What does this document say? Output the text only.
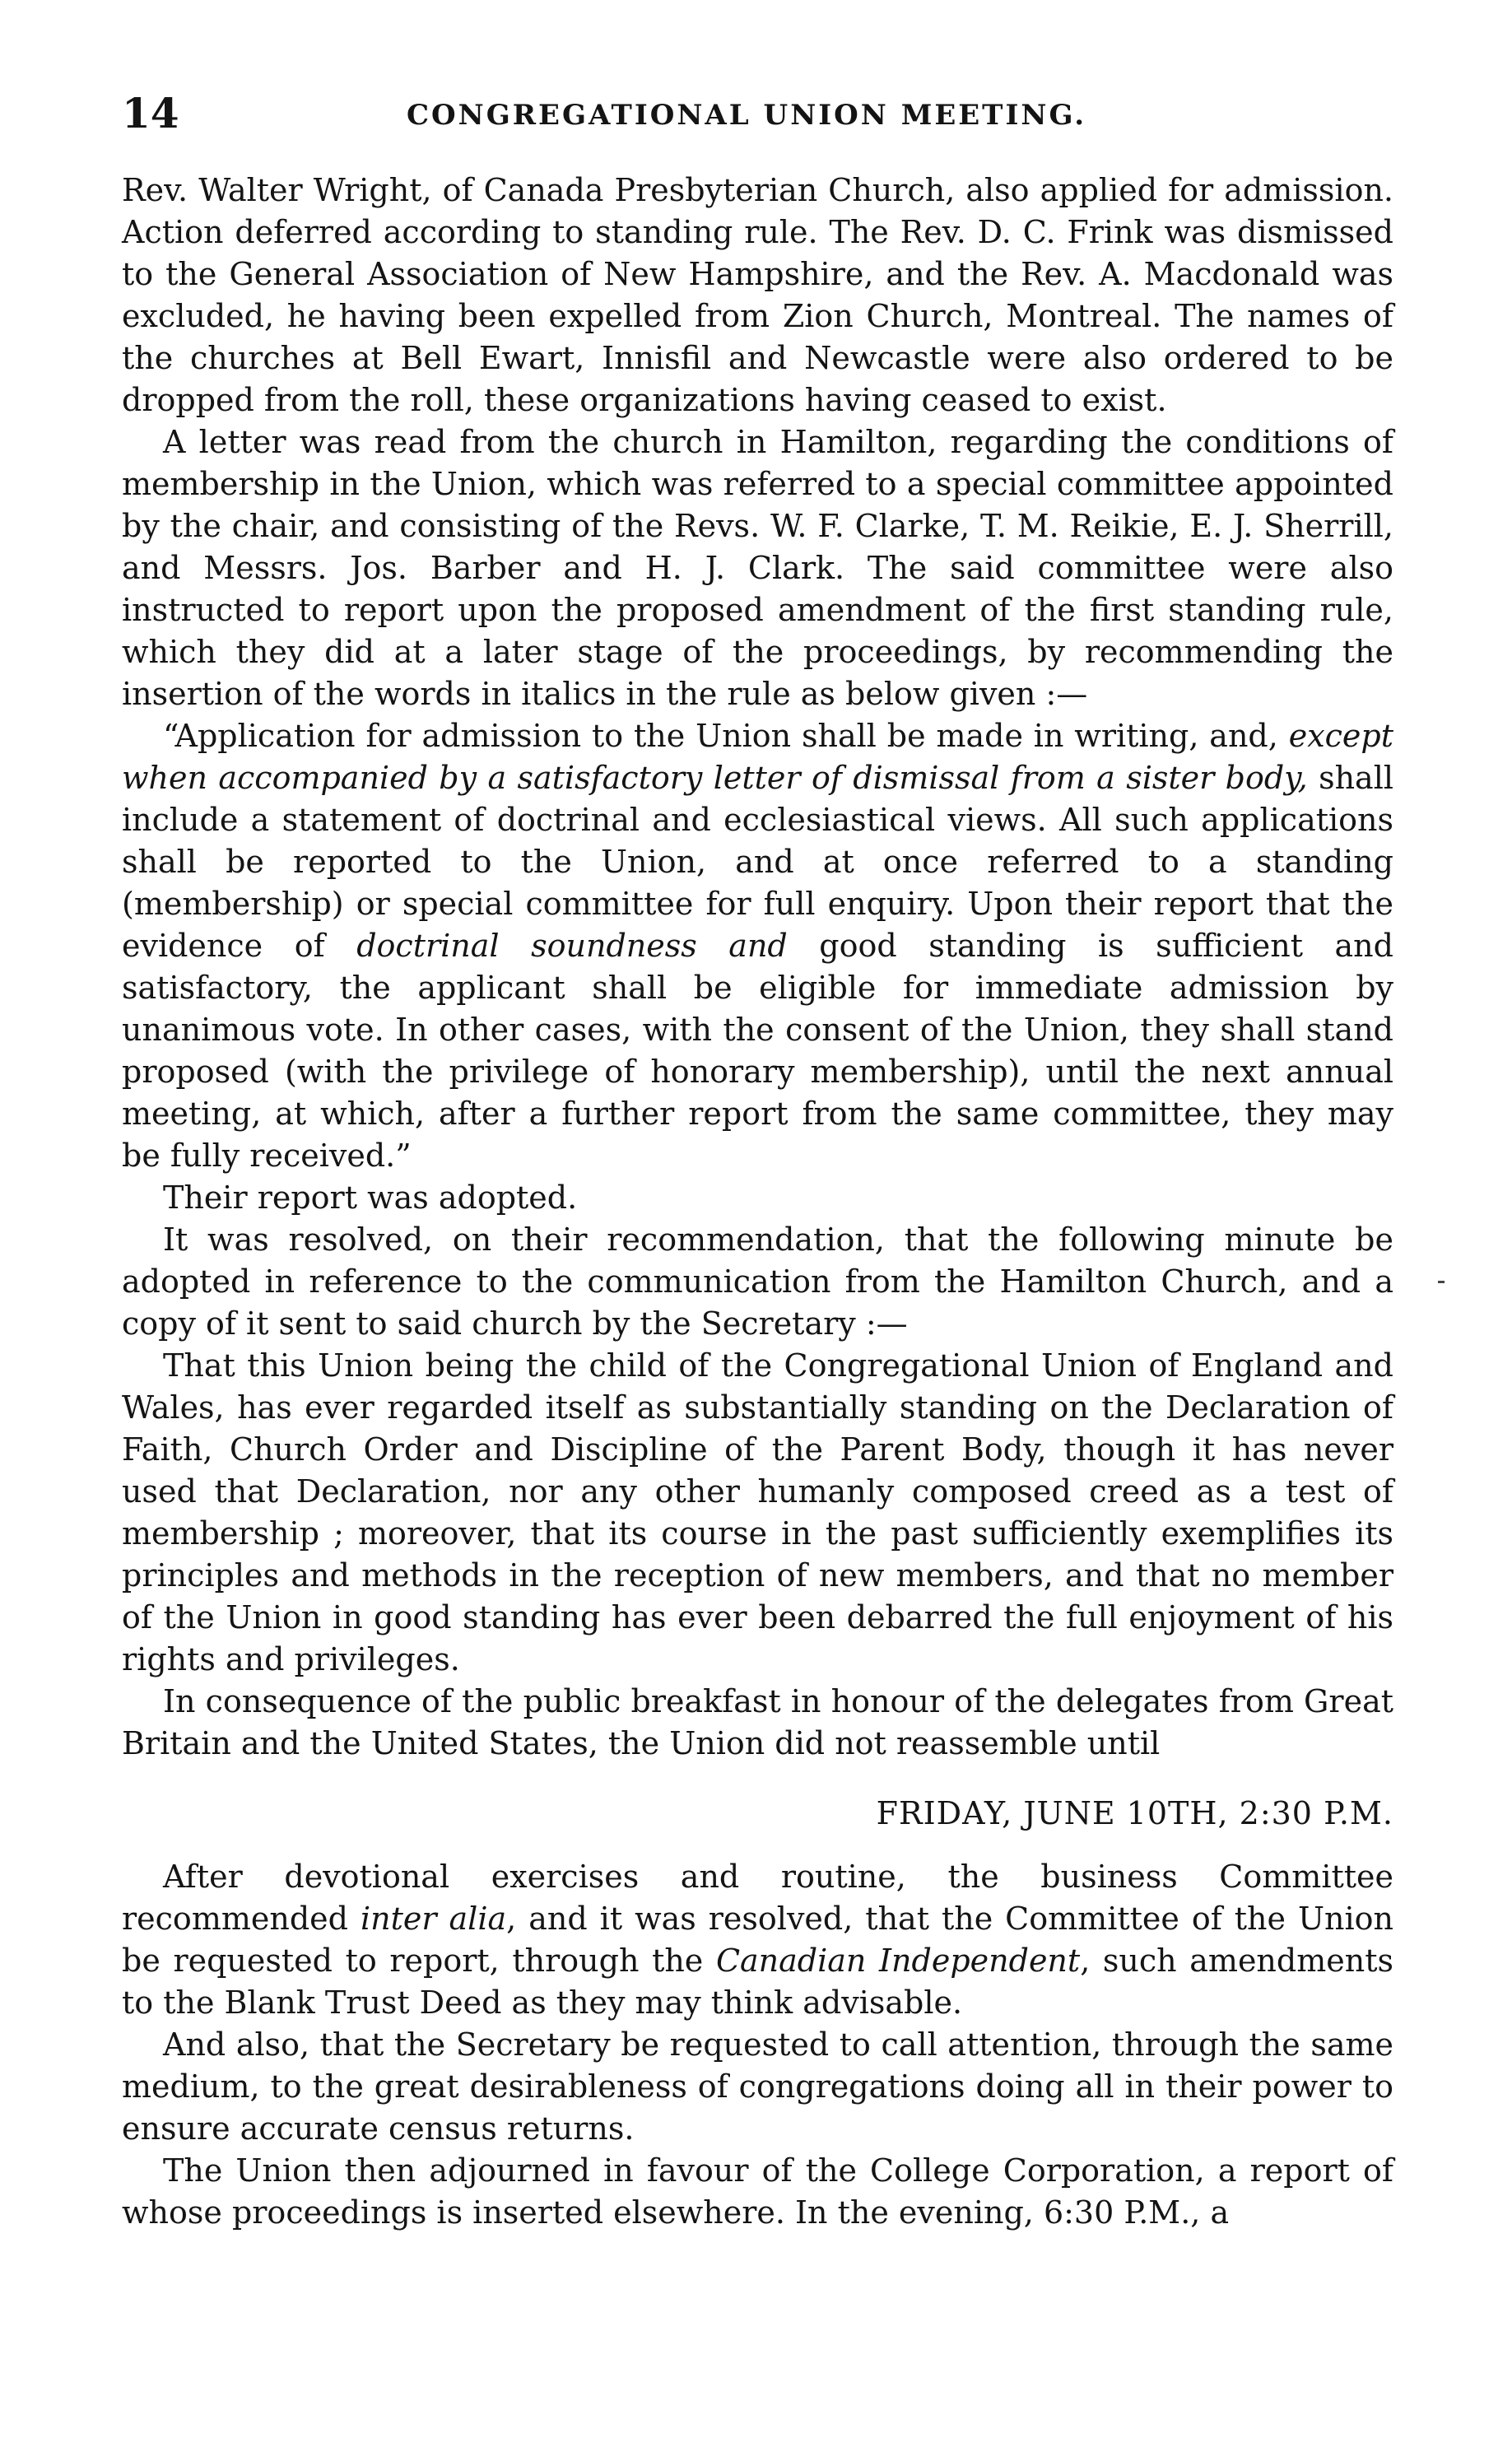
14	CONGREGATIONAL UNION MEETING.

Rev. Walter Wright, of Canada Presbyterian Church, also applied for admission. Action deferred according to standing rule. The Rev. D. C. Frink was dismissed to the General Association of New Hampshire, and the Rev. A. Macdonald was excluded, he having been expelled from Zion Church, Montreal. The names of the churches at Bell Ewart, Innisfil and Newcastle were also ordered to be dropped from the roll, these organizations having ceased to exist.

A letter was read from the church in Hamilton, regarding the conditions of membership in the Union, which was referred to a special committee appointed by the chair, and consisting of the Revs. W. F. Clarke, T. M. Reikie, E. J. Sherrill, and Messrs. Jos. Barber and H. J. Clark. The said committee were also instructed to report upon the proposed amendment of the first standing rule, which they did at a later stage of the proceedings, by recommending the insertion of the words in italics in the rule as below given :—

“Application for admission to the Union shall be made in writing, and, except when accompanied by a satisfactory letter of dismissal from a sister body, shall include a statement of doctrinal and ecclesiastical views. All such applications shall be reported to the Union, and at once referred to a standing (membership) or special committee for full enquiry. Upon their report that the evidence of doctrinal soundness and good standing is sufficient and satisfactory, the applicant shall be eligible for immediate admission by unanimous vote. In other cases, with the consent of the Union, they shall stand proposed (with the privilege of honorary membership), until the next annual meeting, at which, after a further report from the same committee, they may be fully received.”

Their report was adopted.

It was resolved, on their recommendation, that the following minute be adopted in reference to the communication from the Hamilton Church, and a copy of it sent to said church by the Secretary :—

That this Union being the child of the Congregational Union of England and Wales, has ever regarded itself as substantially standing on the Declaration of Faith, Church Order and Discipline of the Parent Body, though it has never used that Declaration, nor any other humanly composed creed as a test of membership ; moreover, that its course in the past sufficiently exemplifies its principles and methods in the reception of new members, and that no member of the Union in good standing has ever been debarred the full enjoyment of his rights and privileges.

In consequence of the public breakfast in honour of the delegates from Great Britain and the United States, the Union did not reassemble until

FRIDAY, JUNE 10TH, 2:30 P.M.

After devotional exercises and routine, the business Committee recommended inter alia, and it was resolved, that the Committee of the Union be requested to report, through the Canadian Independent, such amendments to the Blank Trust Deed as they may think advisable.

And also, that the Secretary be requested to call attention, through the same medium, to the great desirableness of congregations doing all in their power to ensure accurate census returns.

The Union then adjourned in favour of the College Corporation, a report of whose proceedings is inserted elsewhere. In the evening, 6:30 P.M., a
